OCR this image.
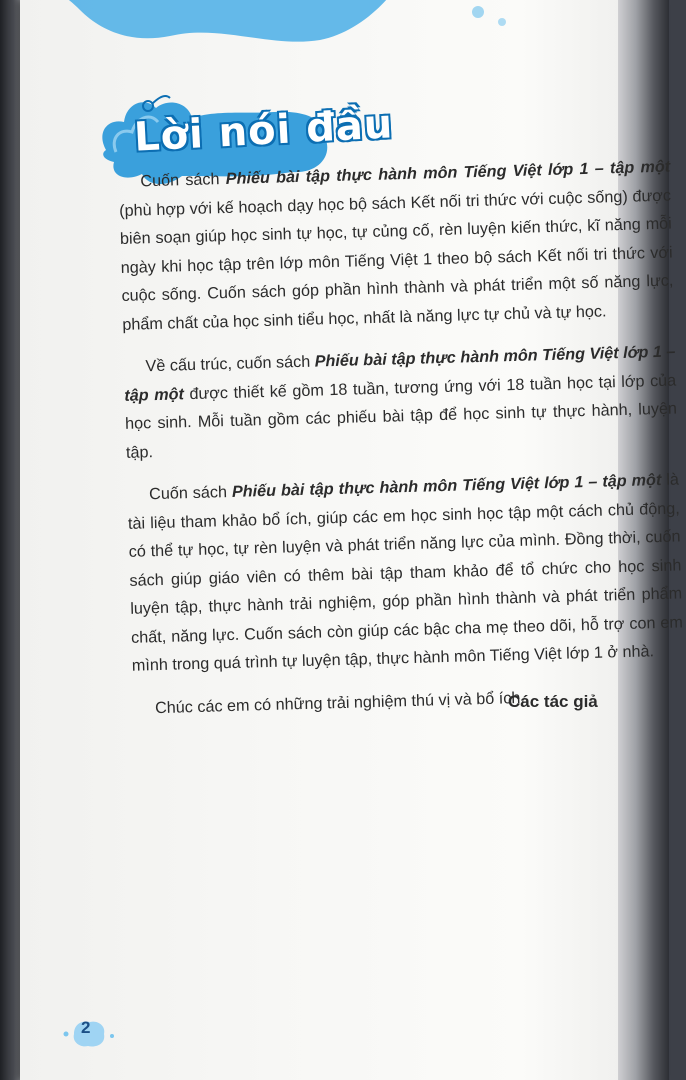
Lời nói đầu

Cuốn sách Phiếu bài tập thực hành môn Tiếng Việt lớp 1 – tập một (phù hợp với kế hoạch dạy học bộ sách Kết nối tri thức với cuộc sống) được biên soạn giúp học sinh tự học, tự củng cố, rèn luyện kiến thức, kĩ năng mỗi ngày khi học tập trên lớp môn Tiếng Việt 1 theo bộ sách Kết nối tri thức với cuộc sống. Cuốn sách góp phần hình thành và phát triển một số năng lực, phẩm chất của học sinh tiểu học, nhất là năng lực tự chủ và tự học.

Về cấu trúc, cuốn sách Phiếu bài tập thực hành môn Tiếng Việt lớp 1 – tập một được thiết kế gồm 18 tuần, tương ứng với 18 tuần học tại lớp của học sinh. Mỗi tuần gồm các phiếu bài tập để học sinh tự thực hành, luyện tập.

Cuốn sách Phiếu bài tập thực hành môn Tiếng Việt lớp 1 – tập một là tài liệu tham khảo bổ ích, giúp các em học sinh học tập một cách chủ động, có thể tự học, tự rèn luyện và phát triển năng lực của mình. Đồng thời, cuốn sách giúp giáo viên có thêm bài tập tham khảo để tổ chức cho học sinh luyện tập, thực hành trải nghiệm, góp phần hình thành và phát triển phẩm chất, năng lực. Cuốn sách còn giúp các bậc cha mẹ theo dõi, hỗ trợ con em mình trong quá trình tự luyện tập, thực hành môn Tiếng Việt lớp 1 ở nhà.

Chúc các em có những trải nghiệm thú vị và bổ ích.

Các tác giả
2
